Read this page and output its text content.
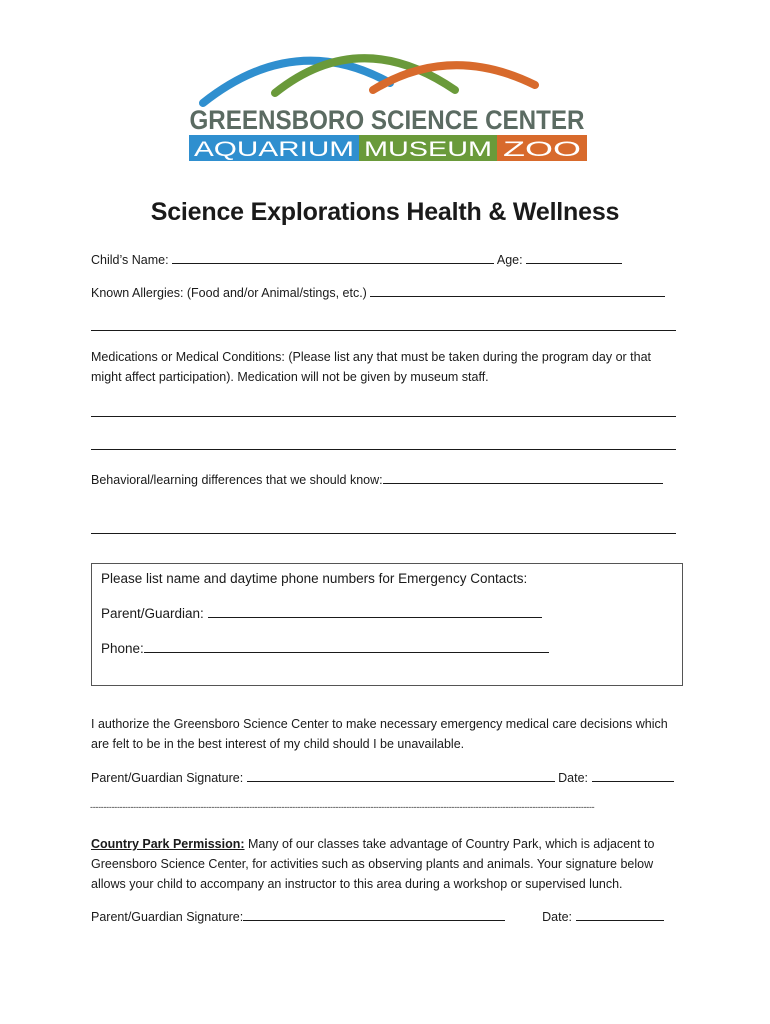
GREENSBORO SCIENCE CENTER
AQUARIUM MUSEUM ZOO
Science Explorations Health & Wellness
Child’s Name:	Age:
Known Allergies: (Food and/or Animal/stings, etc.)
Medications or Medical Conditions: (Please list any that must be taken during the program day or that might affect participation). Medication will not be given by museum staff.
Behavioral/learning differences that we should know:
Please list name and daytime phone numbers for Emergency Contacts:
Parent/Guardian:
Phone:
I authorize the Greensboro Science Center to make necessary emergency medical care decisions which are felt to be in the best interest of my child should I be unavailable.
Parent/Guardian Signature:	Date:
-------------------------------------------------------------------------------------------------------------------------------------------------------------------------------------------
Country Park Permission: Many of our classes take advantage of Country Park, which is adjacent to Greensboro Science Center, for activities such as observing plants and animals. Your signature below allows your child to accompany an instructor to this area during a workshop or supervised lunch.
Parent/Guardian Signature:	Date:
